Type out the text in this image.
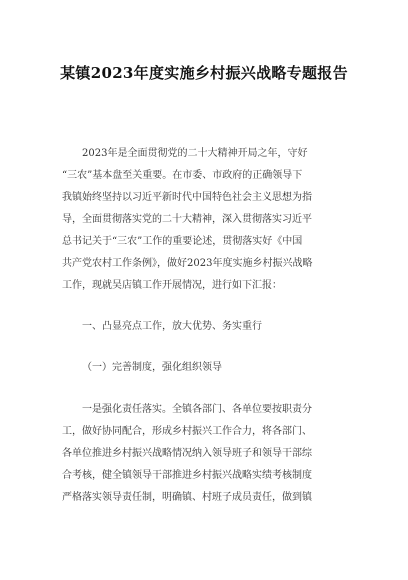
某镇2023年度实施乡村振兴战略专题报告
2023年是全面贯彻党的二十大精神开局之年，守好
“三农”基本盘至关重要。在市委、市政府的正确领导下
我镇始终坚持以习近平新时代中国特色社会主义思想为指
导，全面贯彻落实党的二十大精神，深入贯彻落实习近平
总书记关于“三农”工作的重要论述，贯彻落实好《中国
共产党农村工作条例》，做好2023年度实施乡村振兴战略
工作，现就吴店镇工作开展情况，进行如下汇报：
一、凸显亮点工作，放大优势、务实重行
（一）完善制度，强化组织领导
一是强化责任落实。全镇各部门、各单位要按职责分
工，做好协同配合，形成乡村振兴工作合力，将各部门、
各单位推进乡村振兴战略情况纳入领导班子和领导干部综
合考核，健全镇领导干部推进乡村振兴战略实绩考核制度
严格落实领导责任制，明确镇、村班子成员责任，做到镇
